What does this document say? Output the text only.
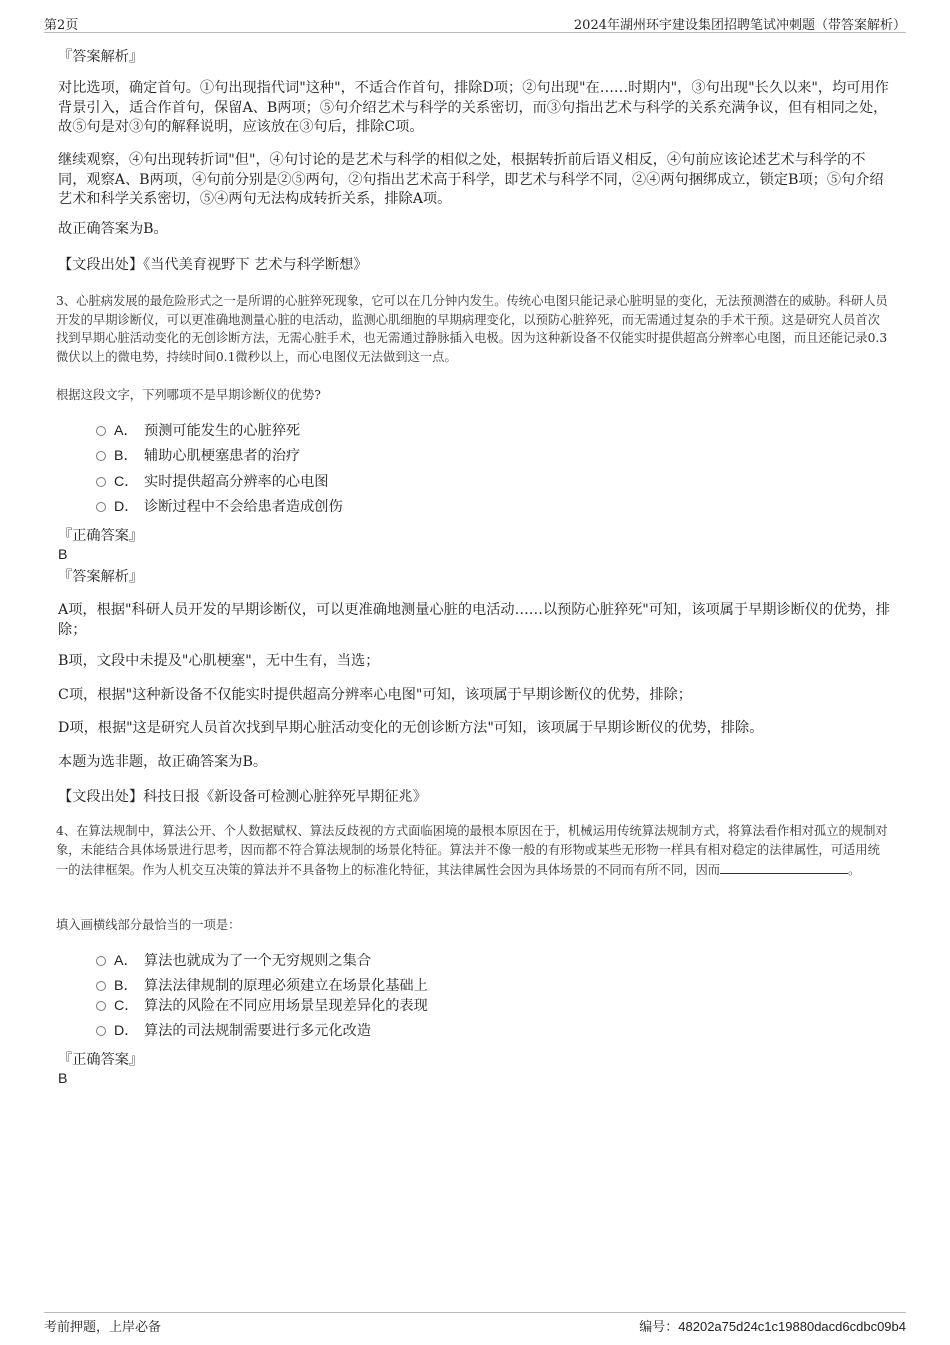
第2页	2024年湖州环宇建设集团招聘笔试冲刺题（带答案解析）
『答案解析』
对比选项，确定首句。①句出现指代词"这种"，不适合作首句，排除D项；②句出现"在……时期内"，③句出现"长久以来"，均可用作背景引入，适合作首句，保留A、B两项；⑤句介绍艺术与科学的关系密切，而③句指出艺术与科学的关系充满争议，但有相同之处，故⑤句是对③句的解释说明，应该放在③句后，排除C项。
继续观察，④句出现转折词"但"，④句讨论的是艺术与科学的相似之处，根据转折前后语义相反，④句前应该论述艺术与科学的不同，观察A、B两项，④句前分别是②⑤两句，②句指出艺术高于科学，即艺术与科学不同，②④两句捆绑成立，锁定B项；⑤句介绍艺术和科学关系密切，⑤④两句无法构成转折关系，排除A项。
故正确答案为B。
【文段出处】《当代美育视野下 艺术与科学断想》
3、心脏病发展的最危险形式之一是所谓的心脏猝死现象，它可以在几分钟内发生。传统心电图只能记录心脏明显的变化，无法预测潜在的威胁。科研人员开发的早期诊断仪，可以更准确地测量心脏的电活动，监测心肌细胞的早期病理变化，以预防心脏猝死，而无需通过复杂的手术干预。这是研究人员首次找到早期心脏活动变化的无创诊断方法，无需心脏手术，也无需通过静脉插入电极。因为这种新设备不仅能实时提供超高分辨率心电图，而且还能记录0.3微伏以上的微电势，持续时间0.1微秒以上，而心电图仪无法做到这一点。
根据这段文字，下列哪项不是早期诊断仪的优势?
A． 预测可能发生的心脏猝死
B． 辅助心肌梗塞患者的治疗
C． 实时提供超高分辨率的心电图
D． 诊断过程中不会给患者造成创伤
『正确答案』
B
『答案解析』
A项，根据"科研人员开发的早期诊断仪，可以更准确地测量心脏的电活动……以预防心脏猝死"可知，该项属于早期诊断仪的优势，排除；
B项，文段中未提及"心肌梗塞"，无中生有，当选；
C项，根据"这种新设备不仅能实时提供超高分辨率心电图"可知，该项属于早期诊断仪的优势，排除；
D项，根据"这是研究人员首次找到早期心脏活动变化的无创诊断方法"可知，该项属于早期诊断仪的优势，排除。
本题为选非题，故正确答案为B。
【文段出处】科技日报《新设备可检测心脏猝死早期征兆》
4、在算法规制中，算法公开、个人数据赋权、算法反歧视的方式面临困境的最根本原因在于，机械运用传统算法规制方式，将算法看作相对孤立的规制对象，未能结合具体场景进行思考，因而都不符合算法规制的场景化特征。算法并不像一般的有形物或某些无形物一样具有相对稳定的法律属性，可适用统一的法律框架。作为人机交互决策的算法并不具备物上的标准化特征，其法律属性会因为具体场景的不同而有所不同，因而	。
填入画横线部分最恰当的一项是：
A． 算法也就成为了一个无穷规则之集合
B． 算法法律规制的原理必须建立在场景化基础上
C． 算法的风险在不同应用场景呈现差异化的表现
D． 算法的司法规制需要进行多元化改造
『正确答案』
B
考前押题，上岸必备	编号：48202a75d24c1c19880dacd6cdbc09b4
